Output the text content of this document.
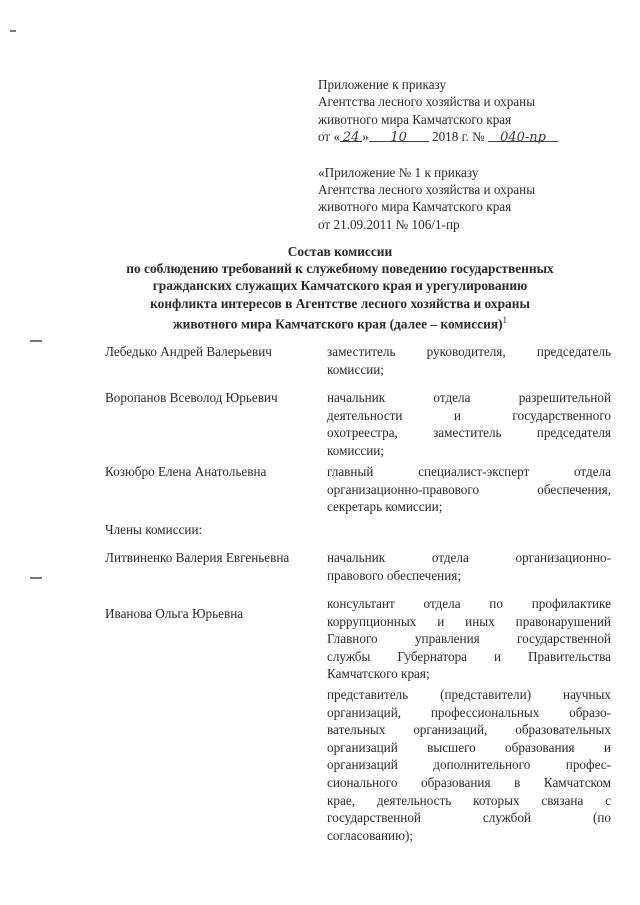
Приложение к приказу
Агентства лесного хозяйства и охраны
животного мира Камчатского края
от « 24 » 10 2018 г. № 040-пр
«Приложение № 1 к приказу
Агентства лесного хозяйства и охраны
животного мира Камчатского края
от 21.09.2011 № 106/1-пр
Состав комиссии
по соблюдению требований к служебному поведению государственных
гражданских служащих Камчатского края и урегулированию
конфликта интересов в Агентстве лесного хозяйства и охраны
животного мира Камчатского края (далее – комиссия)$^1$
Лебедько Андрей Валерьевич	заместитель руководителя, председатель
комиссии;
Воропанов Всеволод Юрьевич	начальник отдела разрешительной
деятельности и государственного
охотреестра, заместитель председателя
комиссии;
Козюбро Елена Анатольевна	главный специалист-эксперт отдела
организационно-правового обеспечения,
секретарь комиссии;
Члены комиссии:
Литвиненко Валерия Евгеньевна	начальник отдела организационно-
правового обеспечения;
Иванова Ольга Юрьевна
консультант отдела по профилактике
коррупционных и иных правонарушений
Главного управления государственной
службы Губернатора и Правительства
Камчатского края;
представитель (представители) научных
организаций, профессиональных образо-
вательных организаций, образовательных
организаций высшего образования и
организаций дополнительного профес-
сионального образования в Камчатском
крае, деятельность которых связана с
государственной службой (по
согласованию);
